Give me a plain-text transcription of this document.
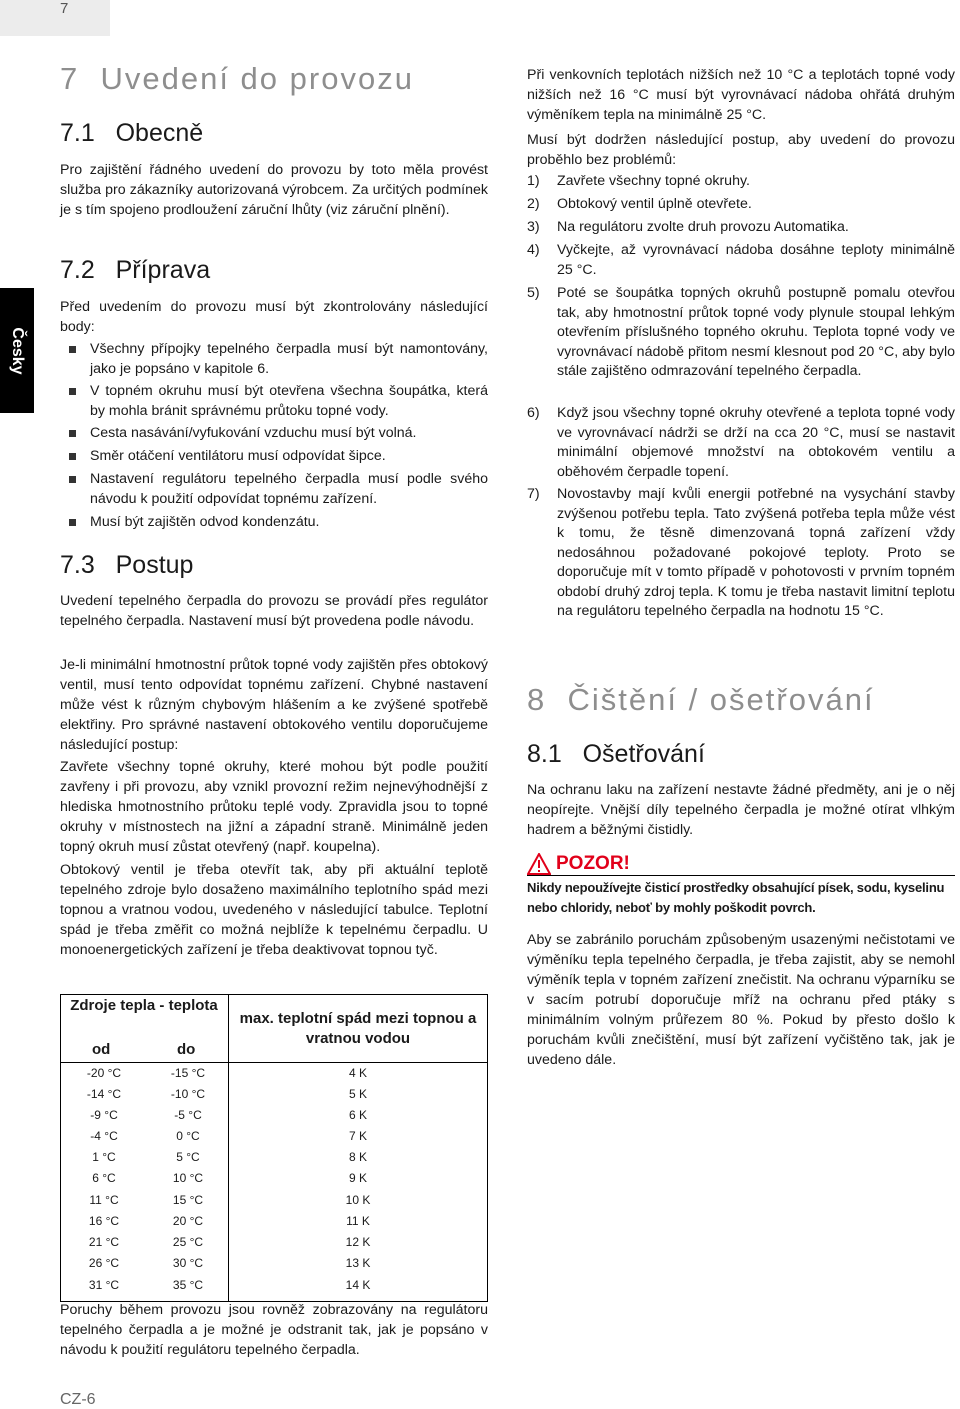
7
Česky
7 Uvedení do provozu
7.1 Obecně

Pro zajištění řádného uvedení do provozu by toto měla provést služba pro zákazníky autorizovaná výrobcem. Za určitých podmínek je s tím spojeno prodloužení záruční lhůty (viz záruční plnění).

7.2 Příprava

Před uvedením do provozu musí být zkontrolovány následující body:

Všechny přípojky tepelného čerpadla musí být namontovány, jako je popsáno v kapitole 6.
V topném okruhu musí být otevřena všechna šoupátka, která by mohla bránit správnému průtoku topné vody.
Cesta nasávání/vyfukování vzduchu musí být volná.
Směr otáčení ventilátoru musí odpovídat šipce.
Nastavení regulátoru tepelného čerpadla musí podle svého návodu k použití odpovídat topnému zařízení.
Musí být zajištěn odvod kondenzátu.
7.3 Postup

Uvedení tepelného čerpadla do provozu se provádí přes regulátor tepelného čerpadla. Nastavení musí být provedena podle návodu.

Je-li minimální hmotnostní průtok topné vody zajištěn přes obtokový ventil, musí tento odpovídat topnému zařízení. Chybné nastavení může vést k různým chybovým hlášením a ke zvýšené spotřebě elektřiny. Pro správné nastavení obtokového ventilu doporučujeme následující postup:

Zavřete všechny topné okruhy, které mohou být podle použití zavřeny i při provozu, aby vznikl provozní režim nejnevýhodnější z hlediska hmotnostního průtoku teplé vody. Zpravidla jsou to topné okruhy v místnostech na jižní a západní straně. Minimálně jeden topný okruh musí zůstat otevřený (např. koupelna).

Obtokový ventil je třeba otevřít tak, aby při aktuální teplotě tepelného zdroje bylo dosaženo maximálního teplotního spád mezi topnou a vratnou vodou, uvedeného v následující tabulce. Teplotní spád je třeba změřit co možná nejblíže k tepelnému čerpadlu. U monoenergetických zařízení je třeba deaktivovat topnou tyč.

Zdroje tepla - teplota
od	do
max. teplotní spád mezi topnou a vratnou vodou
-20 °C	-15 °C	4 K
-14 °C	-10 °C	5 K
-9 °C	-5 °C	6 K
-4 °C	0 °C	7 K
1 °C	5 °C	8 K
6 °C	10 °C	9 K
11 °C	15 °C	10 K
16 °C	20 °C	11 K
21 °C	25 °C	12 K
26 °C	30 °C	13 K
31 °C	35 °C	14 K

Poruchy během provozu jsou rovněž zobrazovány na regulátoru tepelného čerpadla a je možné je odstranit tak, jak je popsáno v návodu k použití regulátoru tepelného čerpadla.

Při venkovních teplotách nižších než 10 °C a teplotách topné vody nižších než 16 °C musí být vyrovnávací nádoba ohřátá druhým výměníkem tepla na minimálně 25 °C.

Musí být dodržen následující postup, aby uvedení do provozu proběhlo bez problémů:

1) Zavřete všechny topné okruhy.
2) Obtokový ventil úplně otevřete.
3) Na regulátoru zvolte druh provozu Automatika.
4) Vyčkejte, až vyrovnávací nádoba dosáhne teploty minimálně 25 °C.
5) Poté se šoupátka topných okruhů postupně pomalu otevřou tak, aby hmotnostní průtok topné vody plynule stoupal lehkým otevřením příslušného topného okruhu. Teplota topné vody ve vyrovnávací nádobě přitom nesmí klesnout pod 20 °C, aby bylo stále zajištěno odmrazování tepelného čerpadla.
6) Když jsou všechny topné okruhy otevřené a teplota topné vody ve vyrovnávací nádrži se drží na cca 20 °C, musí se nastavit minimální objemové množství na obtokovém ventilu a oběhovém čerpadle topení.
7) Novostavby mají kvůli energii potřebné na vysychání stavby zvýšenou potřebu tepla. Tato zvýšená potřeba tepla může vést k tomu, že těsně dimenzovaná topná zařízení vždy nedosáhnou požadované pokojové teploty. Proto se doporučuje mít v tomto případě v pohotovosti v prvním topném období druhý zdroj tepla. K tomu je třeba nastavit limitní teplotu na regulátoru tepelného čerpadla na hodnotu 15 °C.
8 Čištění / ošetřování
8.1 Ošetřování

Na ochranu laku na zařízení nestavte žádné předměty, ani je o něj neopírejte. Vnější díly tepelného čerpadla je možné otírat vlhkým hadrem a běžnými čistidly.

POZOR!
Nikdy nepoužívejte čisticí prostředky obsahující písek, sodu, kyselinu nebo chloridy, neboť by mohly poškodit povrch.

Aby se zabránilo poruchám způsobeným usazenými nečistotami ve výměníku tepla tepelného čerpadla, je třeba zajistit, aby se nemohl výměník tepla v topném zařízení znečistit. Na ochranu výparníku se v sacím potrubí doporučuje mříž na ochranu před ptáky s minimálním volným průřezem 80 %. Pokud by přesto došlo k poruchám kvůli znečištění, musí být zařízení vyčištěno tak, jak je uvedeno dále.

CZ-6
